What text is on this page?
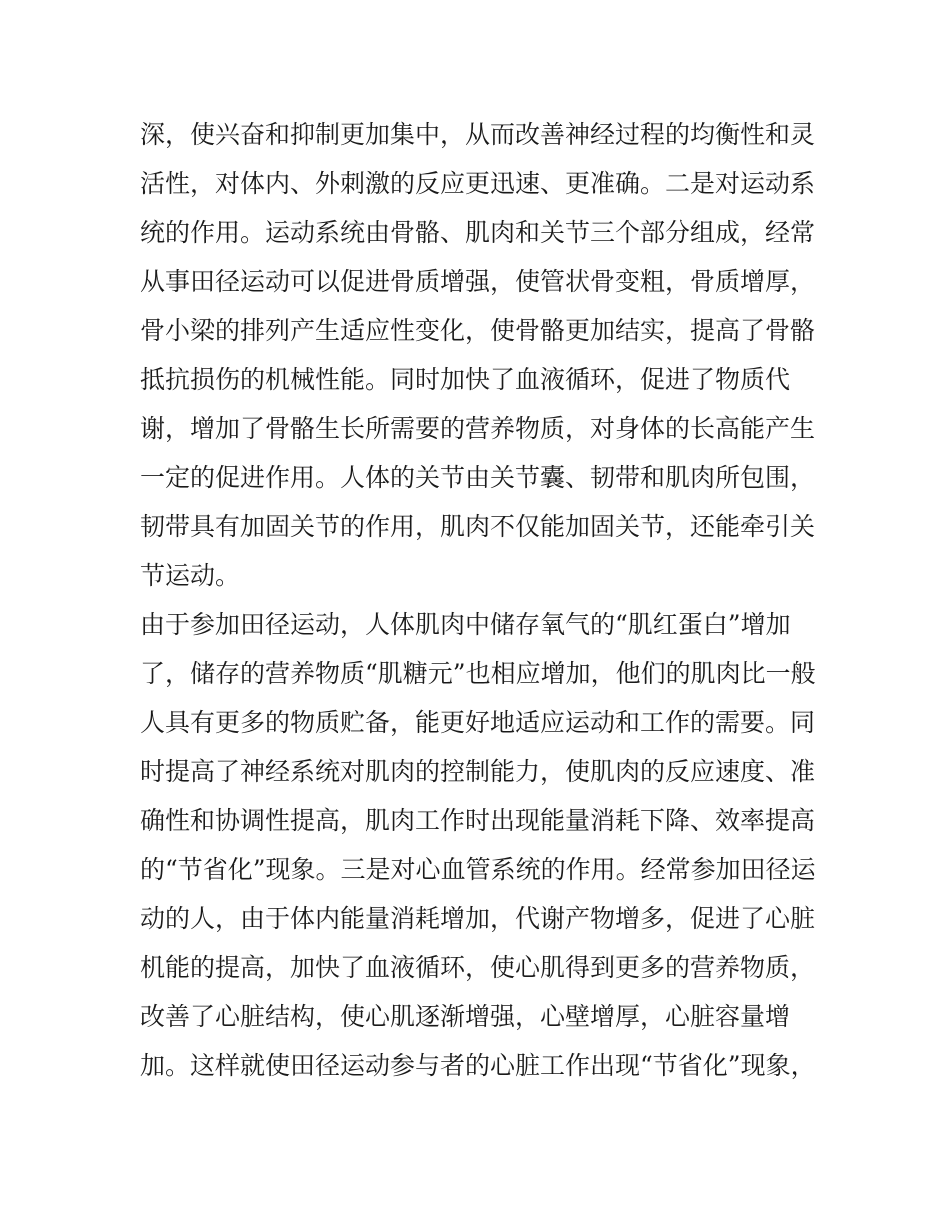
深，使兴奋和抑制更加集中，从而改善神经过程的均衡性和灵
活性，对体内、外刺激的反应更迅速、更准确。二是对运动系
统的作用。运动系统由骨骼、肌肉和关节三个部分组成，经常
从事田径运动可以促进骨质增强，使管状骨变粗，骨质增厚，
骨小梁的排列产生适应性变化，使骨骼更加结实，提高了骨骼
抵抗损伤的机械性能。同时加快了血液循环，促进了物质代
谢，增加了骨骼生长所需要的营养物质，对身体的长高能产生
一定的促进作用。人体的关节由关节囊、韧带和肌肉所包围，
韧带具有加固关节的作用，肌肉不仅能加固关节，还能牵引关
节运动。
由于参加田径运动，人体肌肉中储存氧气的“肌红蛋白”增加
了，储存的营养物质“肌糖元”也相应增加，他们的肌肉比一般
人具有更多的物质贮备，能更好地适应运动和工作的需要。同
时提高了神经系统对肌肉的控制能力，使肌肉的反应速度、准
确性和协调性提高，肌肉工作时出现能量消耗下降、效率提高
的“节省化”现象。三是对心血管系统的作用。经常参加田径运
动的人，由于体内能量消耗增加，代谢产物增多，促进了心脏
机能的提高，加快了血液循环，使心肌得到更多的营养物质，
改善了心脏结构，使心肌逐渐增强，心壁增厚，心脏容量增
加。这样就使田径运动参与者的心脏工作出现“节省化”现象，
